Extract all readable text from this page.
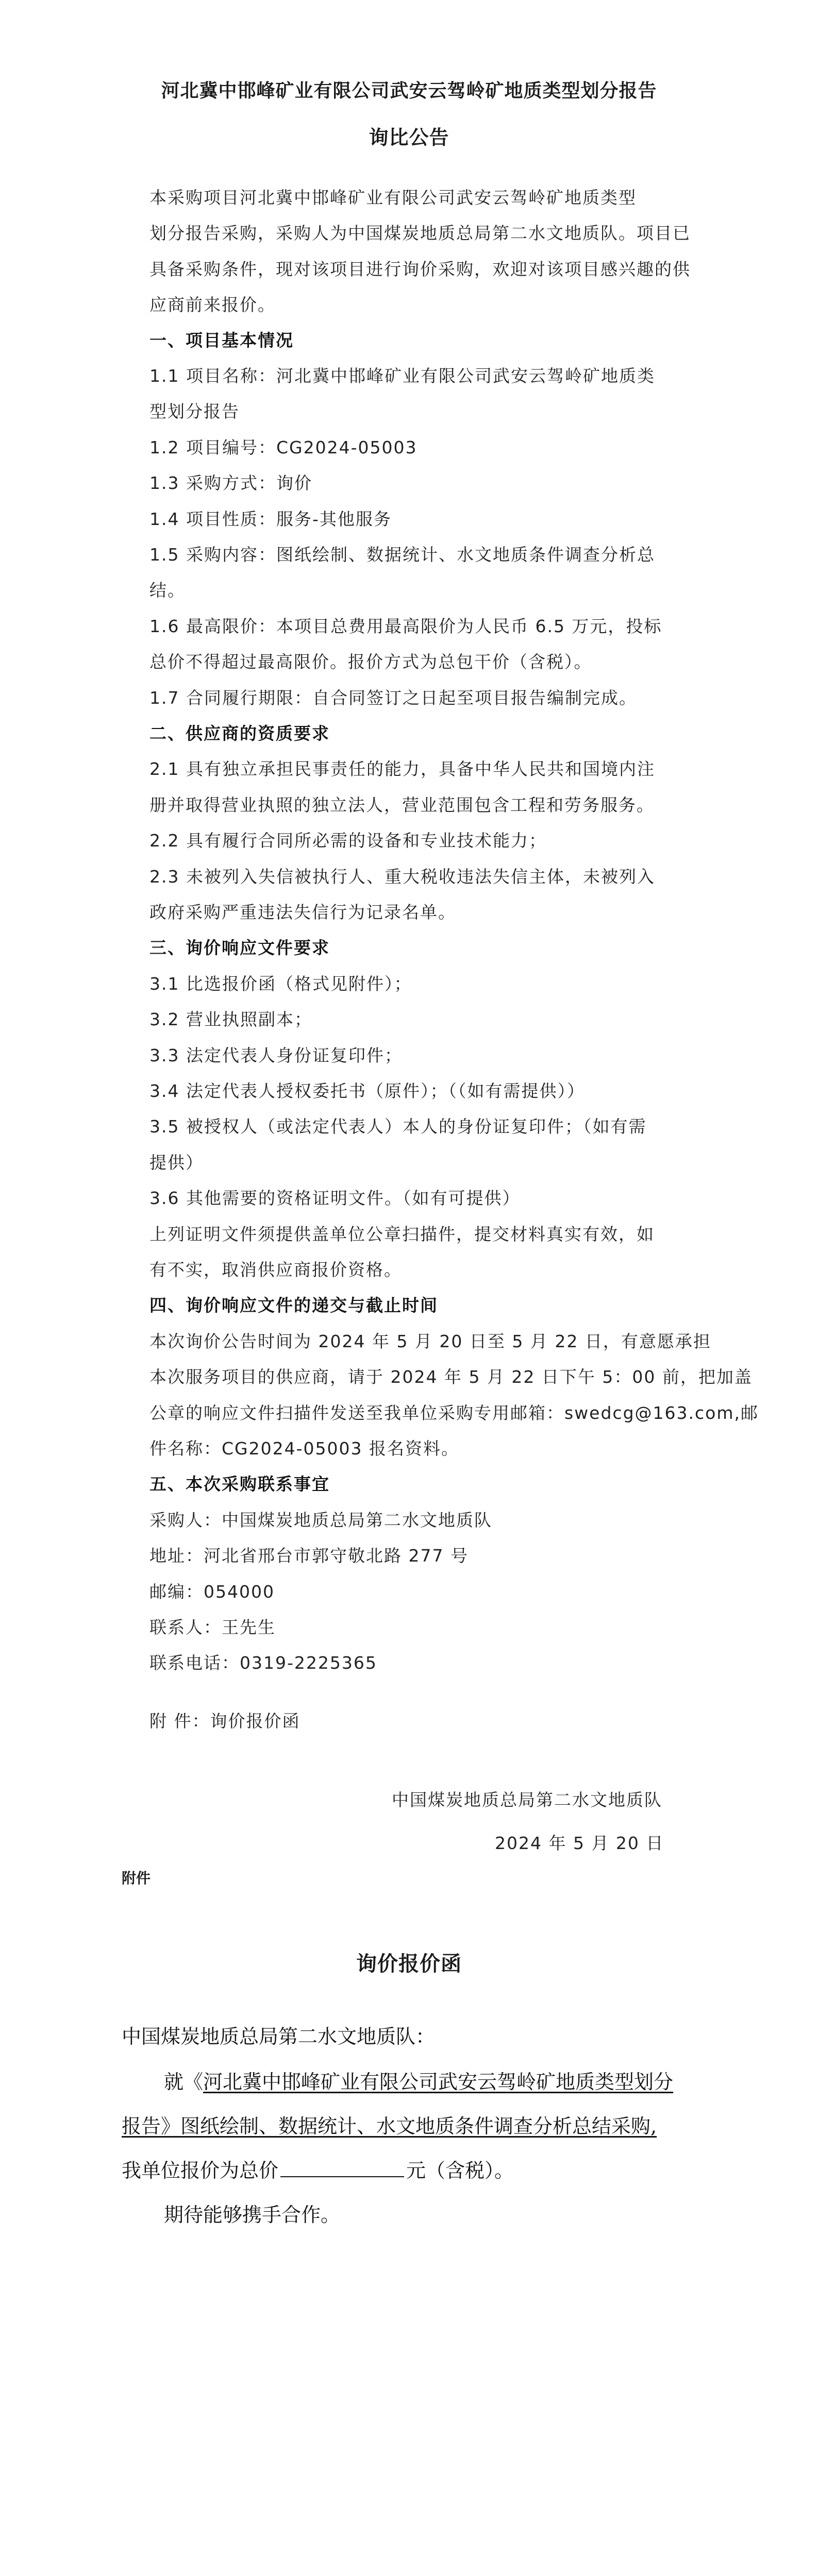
河北冀中邯峰矿业有限公司武安云驾岭矿地质类型划分报告
询比公告
本采购项目河北冀中邯峰矿业有限公司武安云驾岭矿地质类型
划分报告采购，采购人为中国煤炭地质总局第二水文地质队。项目已
具备采购条件，现对该项目进行询价采购，欢迎对该项目感兴趣的供
应商前来报价。
一、项目基本情况
1.1 项目名称：河北冀中邯峰矿业有限公司武安云驾岭矿地质类
型划分报告
1.2 项目编号：CG2024-05003
1.3 采购方式：询价
1.4 项目性质：服务-其他服务
1.5 采购内容：图纸绘制、数据统计、水文地质条件调查分析总
结。
1.6 最高限价：本项目总费用最高限价为人民币 6.5 万元，投标
总价不得超过最高限价。报价方式为总包干价（含税）。
1.7 合同履行期限：自合同签订之日起至项目报告编制完成。
二、供应商的资质要求
2.1 具有独立承担民事责任的能力，具备中华人民共和国境内注
册并取得营业执照的独立法人，营业范围包含工程和劳务服务。
2.2 具有履行合同所必需的设备和专业技术能力；
2.3 未被列入失信被执行人、重大税收违法失信主体，未被列入
政府采购严重违法失信行为记录名单。
三、询价响应文件要求
3.1 比选报价函（格式见附件）；
3.2 营业执照副本；
3.3 法定代表人身份证复印件；
3.4 法定代表人授权委托书（原件）；（（如有需提供））
3.5 被授权人（或法定代表人）本人的身份证复印件；（如有需
提供）
3.6 其他需要的资格证明文件。（如有可提供）
上列证明文件须提供盖单位公章扫描件，提交材料真实有效，如
有不实，取消供应商报价资格。
四、询价响应文件的递交与截止时间
本次询价公告时间为 2024 年 5 月 20 日至 5 月 22 日，有意愿承担
本次服务项目的供应商，请于 2024 年 5 月 22 日下午 5：00 前，把加盖
公章的响应文件扫描件发送至我单位采购专用邮箱：swedcg@163.com,邮
件名称：CG2024-05003 报名资料。
五、本次采购联系事宜
采购人：中国煤炭地质总局第二水文地质队
地址：河北省邢台市郭守敬北路 277 号
邮编：054000
联系人：王先生
联系电话：0319-2225365
附 件：询价报价函
中国煤炭地质总局第二水文地质队
2024 年 5 月 20 日
附件
询价报价函
中国煤炭地质总局第二水文地质队：
就《河北冀中邯峰矿业有限公司武安云驾岭矿地质类型划分
报告》图纸绘制、数据统计、水文地质条件调查分析总结采购,
我单位报价为总价	元（含税）。
期待能够携手合作。
